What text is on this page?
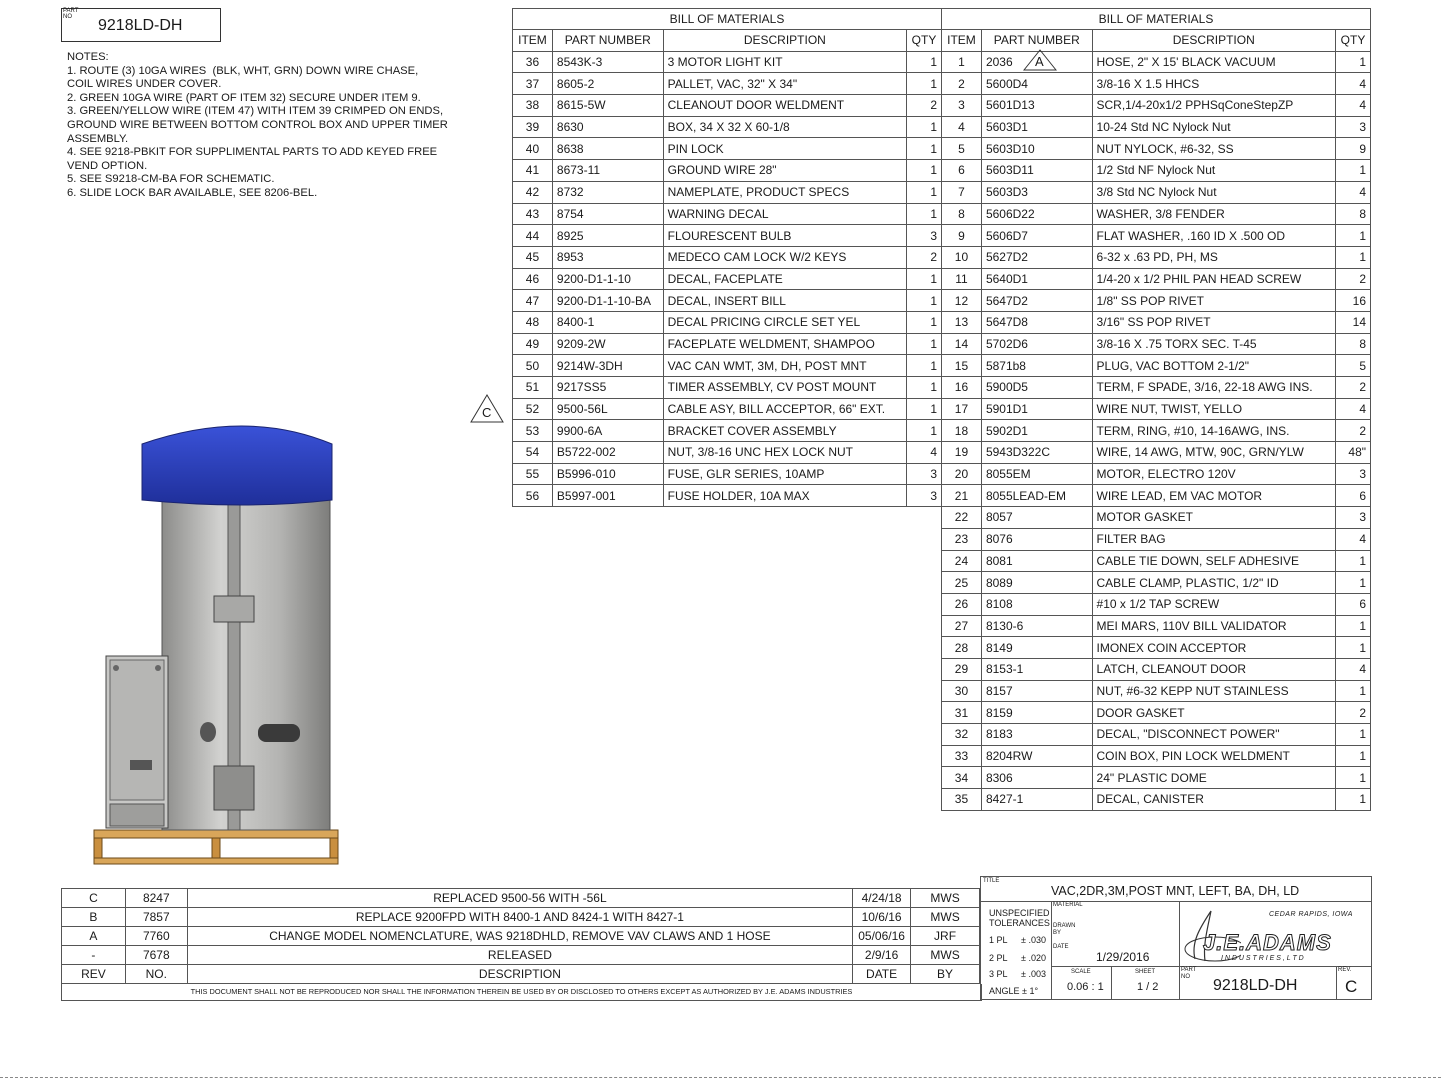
PART NO 9218LD-DH
NOTES:
1. ROUTE (3) 10GA WIRES  (BLK, WHT, GRN) DOWN WIRE CHASE,
COIL WIRES UNDER COVER.
2. GREEN 10GA WIRE (PART OF ITEM 32) SECURE UNDER ITEM 9.
3. GREEN/YELLOW WIRE (ITEM 47) WITH ITEM 39 CRIMPED ON ENDS,
GROUND WIRE BETWEEN BOTTOM CONTROL BOX AND UPPER TIMER
ASSEMBLY.
4. SEE 9218-PBKIT FOR SUPPLIMENTAL PARTS TO ADD KEYED FREE
VEND OPTION.
5. SEE S9218-CM-BA FOR SCHEMATIC.
6. SLIDE LOCK BAR AVAILABLE, SEE 8206-BEL.
BILL OF MATERIALS			
ITEM	PART NUMBER	DESCRIPTION	QTY
36	8543K-3	3 MOTOR LIGHT KIT	1
37	8605-2	PALLET, VAC, 32" X 34"	1
38	8615-5W	CLEANOUT DOOR WELDMENT	2
39	8630	BOX, 34 X 32 X 60-1/8	1
40	8638	PIN LOCK	1
41	8673-11	GROUND WIRE 28"	1
42	8732	NAMEPLATE, PRODUCT SPECS	1
43	8754	WARNING DECAL	1
44	8925	FLOURESCENT BULB	3
45	8953	MEDECO CAM LOCK W/2 KEYS	2
46	9200-D1-1-10	DECAL, FACEPLATE	1
47	9200-D1-1-10-BA	DECAL, INSERT BILL	1
48	8400-1	DECAL PRICING CIRCLE SET YEL	1
49	9209-2W	FACEPLATE WELDMENT, SHAMPOO	1
50	9214W-3DH	VAC CAN WMT, 3M, DH, POST MNT	1
51	9217SS5	TIMER ASSEMBLY, CV POST MOUNT	1
52	9500-56L	CABLE ASY, BILL ACCEPTOR, 66" EXT.	1
53	9900-6A	BRACKET COVER ASSEMBLY	1
54	B5722-002	NUT, 3/8-16 UNC HEX LOCK NUT	4
55	B5996-010	FUSE, GLR SERIES, 10AMP	3
56	B5997-001	FUSE HOLDER, 10A MAX	3
BILL OF MATERIALS			
ITEM	PART NUMBER	DESCRIPTION	QTY
1	2036	HOSE, 2" X 15' BLACK VACUUM	1
2	5600D4	3/8-16 X 1.5 HHCS	4
3	5601D13	SCR,1/4-20x1/2 PPHSqConeStepZP	4
4	5603D1	10-24 Std NC Nylock Nut	3
5	5603D10	NUT NYLOCK, #6-32, SS	9
6	5603D11	1/2 Std NF Nylock Nut	1
7	5603D3	3/8 Std NC Nylock Nut	4
8	5606D22	WASHER, 3/8 FENDER	8
9	5606D7	FLAT WASHER, .160 ID X .500 OD	1
10	5627D2	6-32 x .63 PD, PH, MS	1
11	5640D1	1/4-20 x 1/2 PHIL PAN HEAD SCREW	2
12	5647D2	1/8" SS POP RIVET	16
13	5647D8	3/16" SS POP RIVET	14
14	5702D6	3/8-16 X .75 TORX SEC. T-45	8
15	5871b8	PLUG, VAC BOTTOM 2-1/2"	5
16	5900D5	TERM, F SPADE, 3/16, 22-18 AWG INS.	2
17	5901D1	WIRE NUT, TWIST, YELLO	4
18	5902D1	TERM, RING, #10, 14-16AWG, INS.	2
19	5943D322C	WIRE, 14 AWG, MTW, 90C, GRN/YLW	48"
20	8055EM	MOTOR, ELECTRO 120V	3
21	8055LEAD-EM	WIRE LEAD, EM VAC MOTOR	6
22	8057	MOTOR GASKET	3
23	8076	FILTER BAG	4
24	8081	CABLE TIE DOWN, SELF ADHESIVE	1
25	8089	CABLE CLAMP, PLASTIC, 1/2" ID	1
26	8108	#10 x 1/2 TAP SCREW	6
27	8130-6	MEI MARS, 110V BILL VALIDATOR	1
28	8149	IMONEX COIN ACCEPTOR	1
29	8153-1	LATCH, CLEANOUT DOOR	4
30	8157	NUT, #6-32 KEPP NUT STAINLESS	1
31	8159	DOOR GASKET	2
32	8183	DECAL, "DISCONNECT POWER"	1
33	8204RW	COIN BOX, PIN LOCK WELDMENT	1
34	8306	24" PLASTIC DOME	1
35	8427-1	DECAL, CANISTER	1
A
C
C	8247	REPLACED 9500-56 WITH -56L	4/24/18	MWS
B	7857	REPLACE 9200FPD WITH 8400-1 AND 8424-1 WITH 8427-1	10/6/16	MWS
A	7760	CHANGE MODEL NOMENCLATURE, WAS 9218DHLD, REMOVE VAV CLAWS AND 1 HOSE	05/06/16	JRF
-	7678	RELEASED	2/9/16	MWS
REV	NO.	DESCRIPTION	DATE	BY
THIS DOCUMENT SHALL NOT BE REPRODUCED NOR SHALL THE INFORMATION THEREIN BE USED BY OR DISCLOSED TO OTHERS EXCEPT AS AUTHORIZED BY J.E. ADAMS INDUSTRIES
TITLE
VAC,2DR,3M,POST MNT, LEFT, BA, DH, LD
UNSPECIFIED
TOLERANCES
1 PL ± .030
2 PL ± .020
3 PL ± .003
ANGLE ± 1°
MATERIAL
DRAWN BY
DATE
1/29/2016
SCALE
0.06 : 1
SHEET
1 / 2
PART NO 9218LD-DH
REV.
C
CEDAR RAPIDS, IOWA
J.E.ADAMS
I N D U S T R I E S , L T D
